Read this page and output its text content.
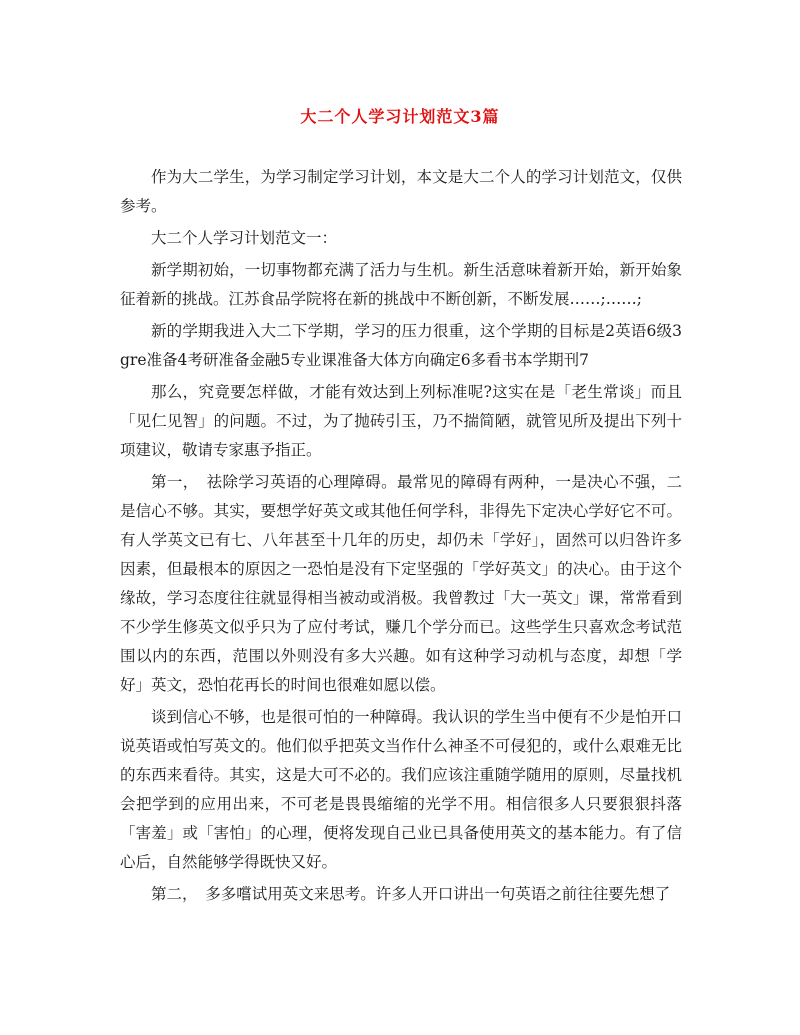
大二个人学习计划范文3篇

作为大二学生，为学习制定学习计划，本文是大二个人的学习计划范文，仅供参考。

大二个人学习计划范文一：

新学期初始，一切事物都充满了活力与生机。新生活意味着新开始，新开始象征着新的挑战。江苏食品学院将在新的挑战中不断创新，不断发展……;……;

新的学期我进入大二下学期，学习的压力很重，这个学期的目标是2英语6级3gre准备4考研准备金融5专业课准备大体方向确定6多看书本学期刊7

那么，究竟要怎样做，才能有效达到上列标准呢?这实在是「老生常谈」而且「见仁见智」的问题。不过，为了抛砖引玉，乃不揣简陋，就管见所及提出下列十项建议，敬请专家惠予指正。

第一，　祛除学习英语的心理障碍。最常见的障碍有两种，一是决心不强，二是信心不够。其实，要想学好英文或其他任何学科，非得先下定决心学好它不可。有人学英文已有七、八年甚至十几年的历史，却仍未「学好」，固然可以归咎许多因素，但最根本的原因之一恐怕是没有下定坚强的「学好英文」的决心。由于这个缘故，学习态度往往就显得相当被动或消极。我曾教过「大一英文」课，常常看到不少学生修英文似乎只为了应付考试，赚几个学分而已。这些学生只喜欢念考试范围以内的东西，范围以外则没有多大兴趣。如有这种学习动机与态度，却想「学好」英文，恐怕花再长的时间也很难如愿以偿。

谈到信心不够，也是很可怕的一种障碍。我认识的学生当中便有不少是怕开口说英语或怕写英文的。他们似乎把英文当作什么神圣不可侵犯的，或什么艰难无比的东西来看待。其实，这是大可不必的。我们应该注重随学随用的原则，尽量找机会把学到的应用出来，不可老是畏畏缩缩的光学不用。相信很多人只要狠狠抖落「害羞」或「害怕」的心理，便将发现自己业已具备使用英文的基本能力。有了信心后，自然能够学得既快又好。

第二，　多多嚐试用英文来思考。许多人开口讲出一句英语之前往往要先想了
